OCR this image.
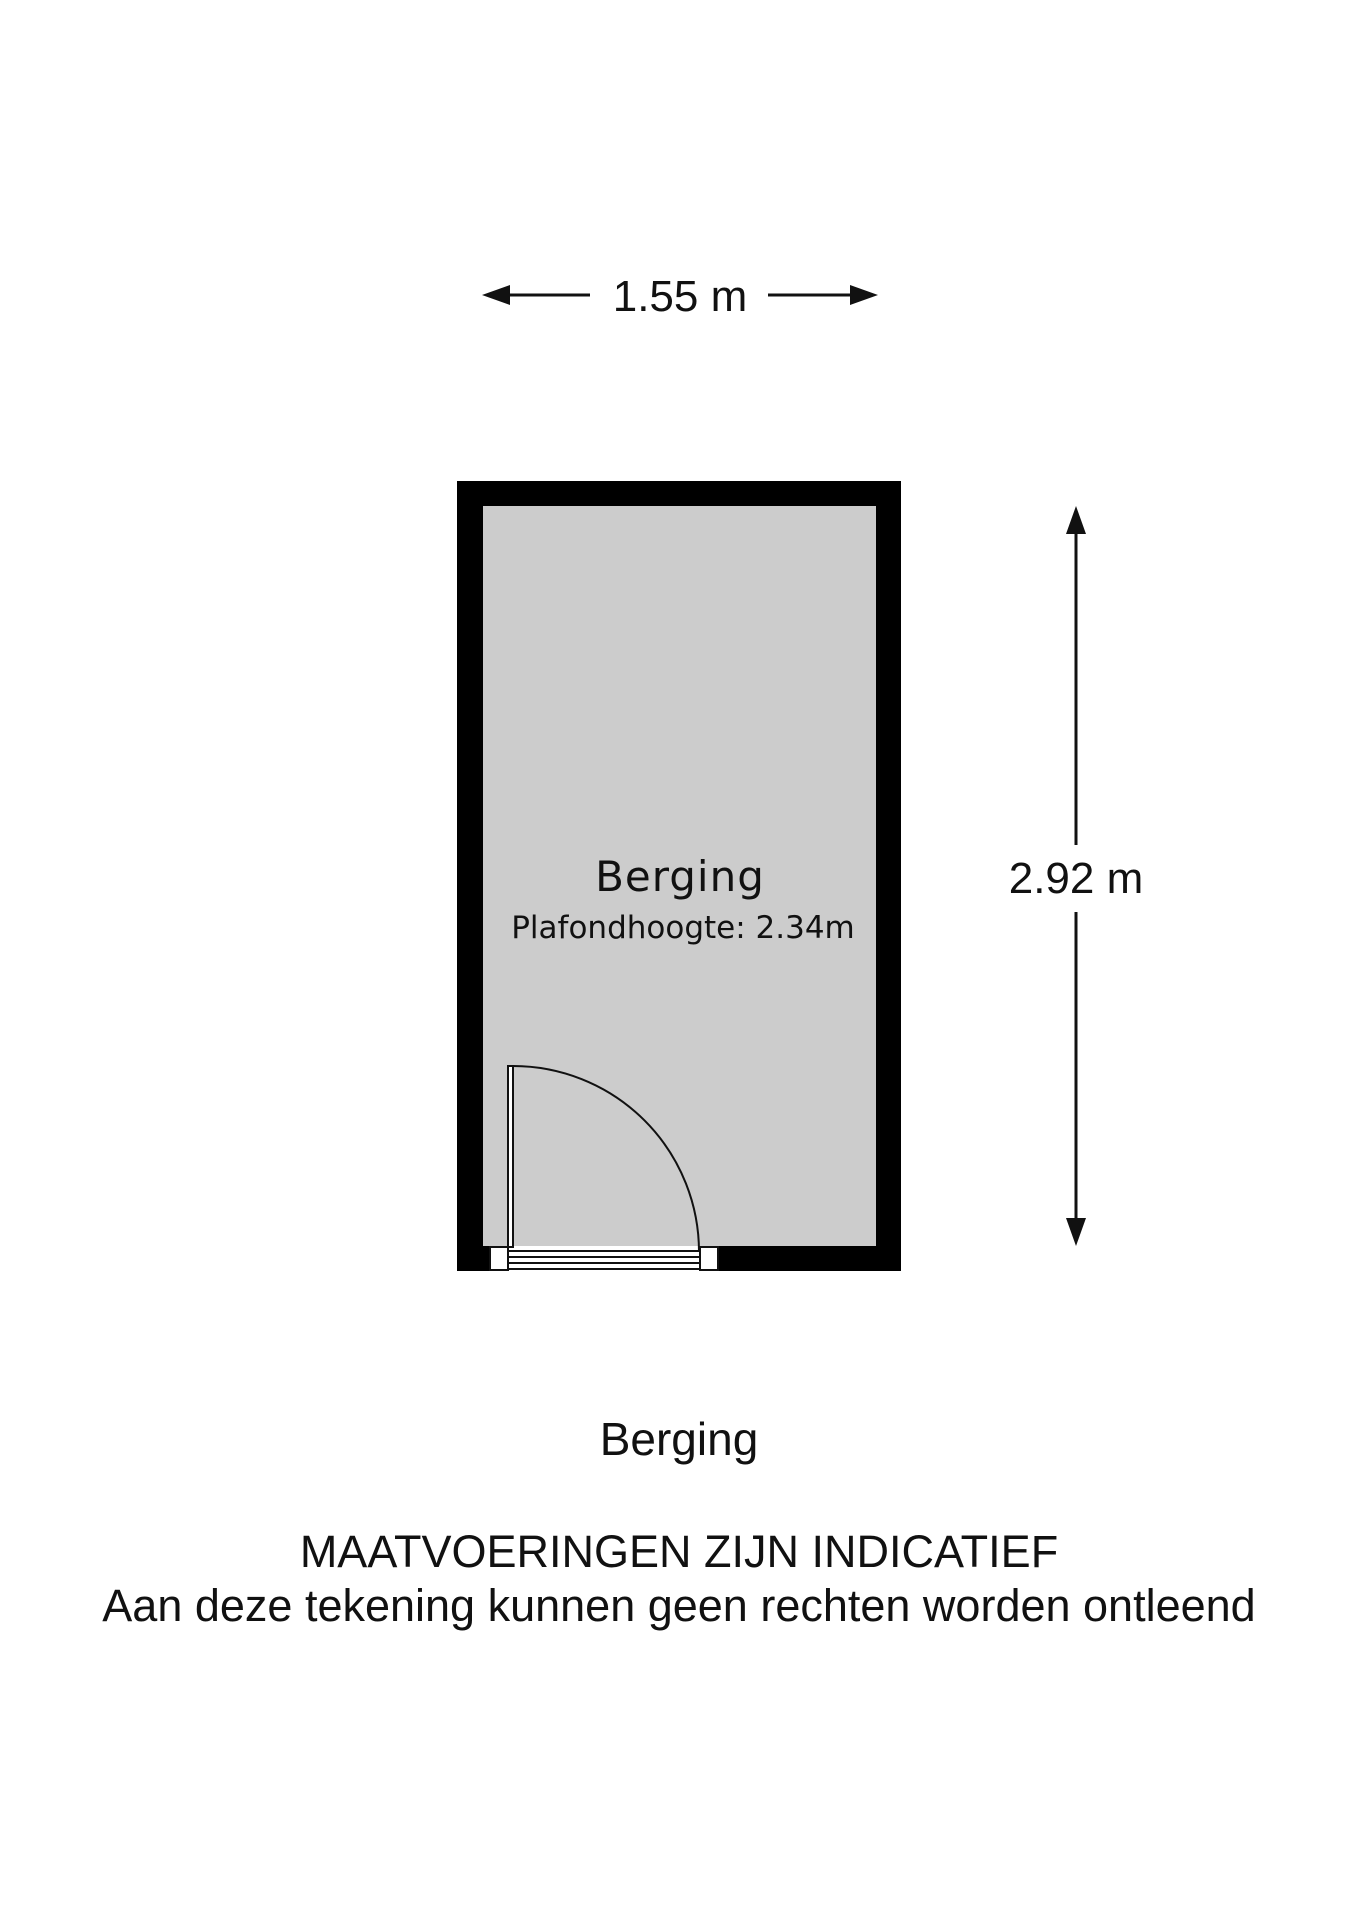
1.55 m
Berging
Plafondhoogte: 2.34m
2.92 m
Berging
MAATVOERINGEN ZIJN INDICATIEF
Aan deze tekening kunnen geen rechten worden ontleend
